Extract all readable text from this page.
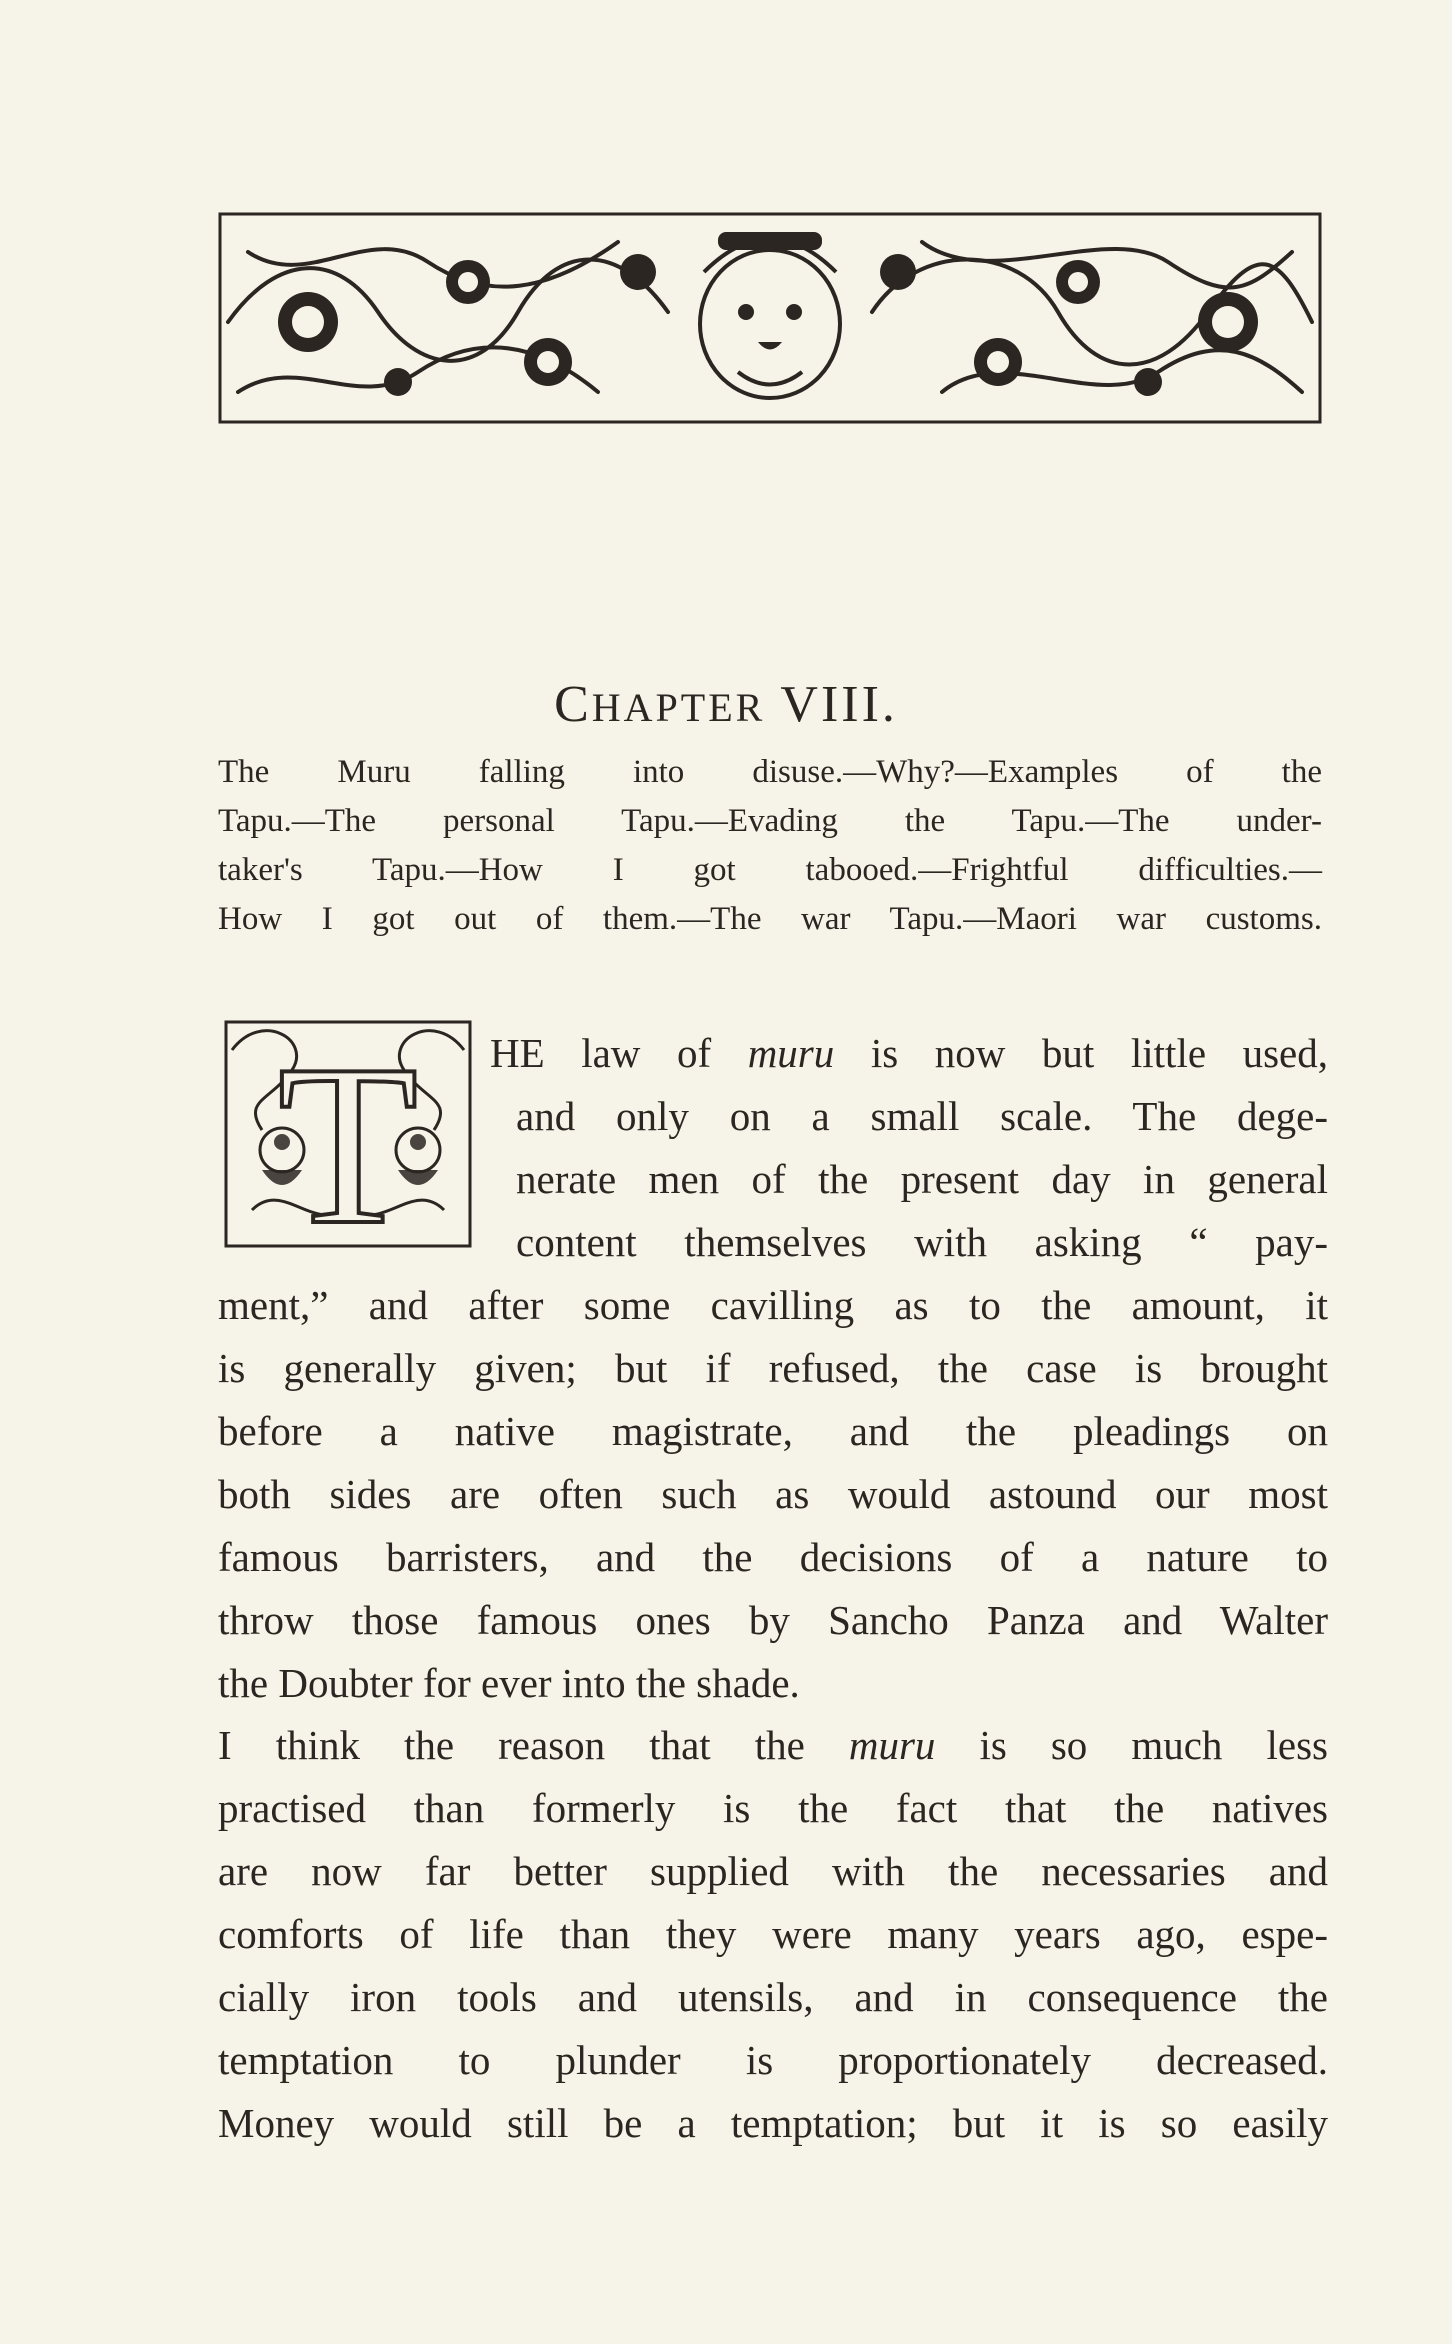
CHAPTER VIII.

The Muru falling into disuse.—Why?—Examples of the
Tapu.—The personal Tapu.—Evading the Tapu.—The under-
taker's Tapu.—How I got tabooed.—Frightful difficulties.—
How I got out of them.—The war Tapu.—Maori war customs.

T HE law of muru is now but little used,
and only on a small scale. The dege-
nerate men of the present day in general
content themselves with asking “ pay-

ment,” and after some cavilling as to the amount, it
is generally given; but if refused, the case is brought
before a native magistrate, and the pleadings on
both sides are often such as would astound our most
famous barristers, and the decisions of a nature to
throw those famous ones by Sancho Panza and Walter
the Doubter for ever into the shade.

I think the reason that the muru is so much less
practised than formerly is the fact that the natives
are now far better supplied with the necessaries and
comforts of life than they were many years ago, espe-
cially iron tools and utensils, and in consequence the
temptation to plunder is proportionately decreased.
Money would still be a temptation; but it is so easily
